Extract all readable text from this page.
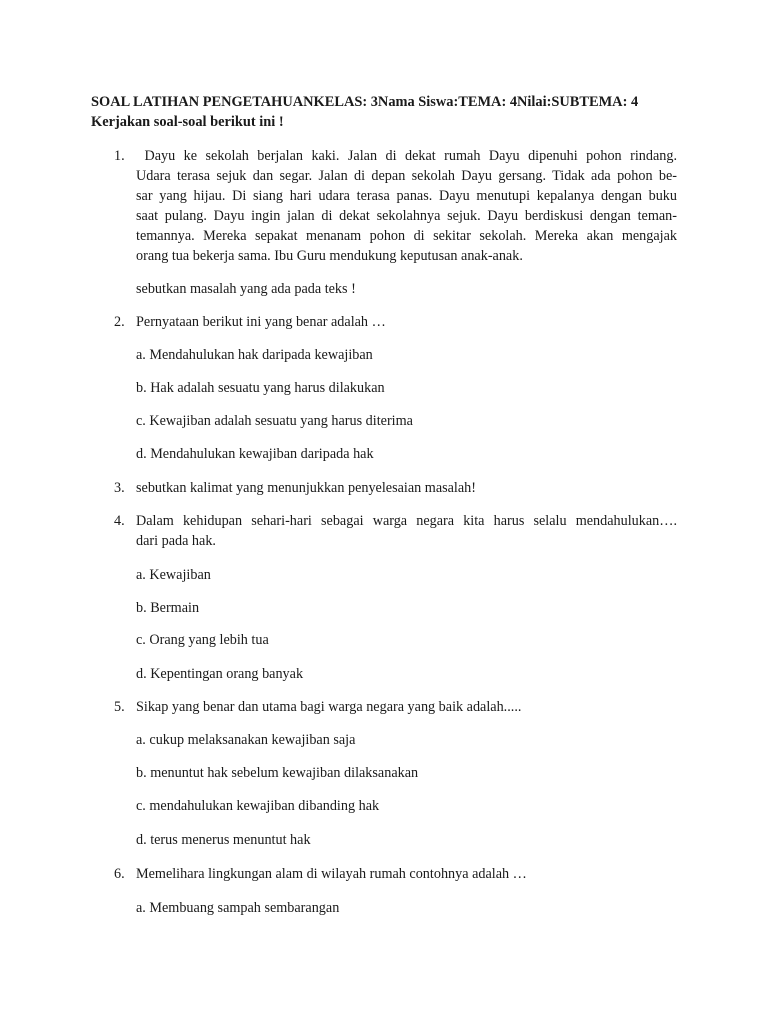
SOAL LATIHAN PENGETAHUANKELAS: 3Nama Siswa:TEMA: 4Nilai:SUBTEMA: 4
Kerjakan soal-soal berikut ini !
1. Dayu ke sekolah berjalan kaki. Jalan di dekat rumah Dayu dipenuhi pohon rindang.
Udara terasa sejuk dan segar. Jalan di depan sekolah Dayu gersang. Tidak ada pohon be-
sar yang hijau. Di siang hari udara terasa panas. Dayu menutupi kepalanya dengan buku
saat pulang. Dayu ingin jalan di dekat sekolahnya sejuk. Dayu berdiskusi dengan teman-
temannya. Mereka sepakat menanam pohon di sekitar sekolah. Mereka akan mengajak
orang tua bekerja sama. Ibu Guru mendukung keputusan anak-anak.
sebutkan masalah yang ada pada teks !
2. Pernyataan berikut ini yang benar adalah …
a. Mendahulukan hak daripada kewajiban
b. Hak adalah sesuatu yang harus dilakukan
c. Kewajiban adalah sesuatu yang harus diterima
d. Mendahulukan kewajiban daripada hak
3. sebutkan kalimat yang menunjukkan penyelesaian masalah!
4. Dalam kehidupan sehari-hari sebagai warga negara kita harus selalu mendahulukan….
dari pada hak.
a. Kewajiban
b. Bermain
c. Orang yang lebih tua
d. Kepentingan orang banyak
5. Sikap yang benar dan utama bagi warga negara yang baik adalah.....
a. cukup melaksanakan kewajiban saja
b. menuntut hak sebelum kewajiban dilaksanakan
c. mendahulukan kewajiban dibanding hak
d. terus menerus menuntut hak
6. Memelihara lingkungan alam di wilayah rumah contohnya adalah …
a. Membuang sampah sembarangan
